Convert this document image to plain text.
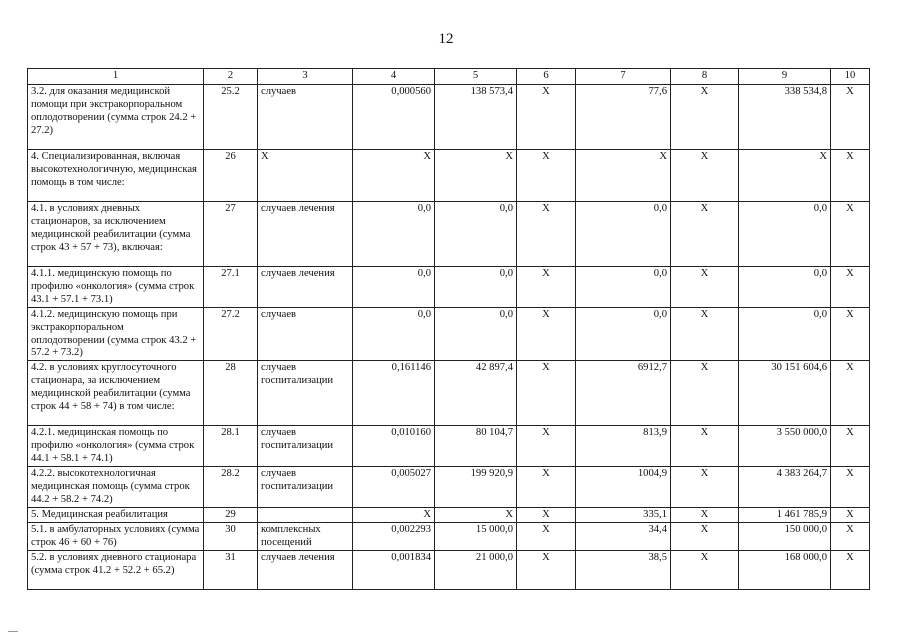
12
1	2	3	4	5	6	7	8	9	10
3.2. для оказания медицинской помощи при экстракорпоральном оплодотворении (сумма строк 24.2 + 27.2)	25.2	случаев	0,000560	138 573,4	Х	77,6	Х	338 534,8	Х
4. Специализированная, включая высокотехнологичную, медицинская помощь в том числе:	26	Х	Х	Х	Х	Х	Х	Х	Х
4.1. в условиях дневных стационаров, за исключением медицинской реабилитации (сумма строк 43 + 57 + 73), включая:	27	случаев лечения	0,0	0,0	Х	0,0	Х	0,0	Х
4.1.1. медицинскую помощь по профилю «онкология» (сумма строк 43.1 + 57.1 + 73.1)	27.1	случаев лечения	0,0	0,0	Х	0,0	Х	0,0	Х
4.1.2. медицинскую помощь при экстракорпоральном оплодотворении (сумма строк 43.2 + 57.2 + 73.2)	27.2	случаев	0,0	0,0	Х	0,0	Х	0,0	Х
4.2. в условиях круглосуточного стационара, за исключением медицинской реабилитации (сумма строк 44 + 58 + 74) в том числе:	28	случаев госпитализации	0,161146	42 897,4	Х	6912,7	Х	30 151 604,6	Х
4.2.1. медицинская помощь по профилю «онкология» (сумма строк 44.1 + 58.1 + 74.1)	28.1	случаев госпитализации	0,010160	80 104,7	Х	813,9	Х	3 550 000,0	Х
4.2.2. высокотехнологичная медицинская помощь (сумма строк 44.2 + 58.2 + 74.2)	28.2	случаев госпитализации	0,005027	199 920,9	Х	1004,9	Х	4 383 264,7	Х
5. Медицинская реабилитация	29		Х	Х	Х	335,1	Х	1 461 785,9	Х
5.1. в амбулаторных условиях (сумма строк 46 + 60 + 76)	30	комплексных посещений	0,002293	15 000,0	Х	34,4	Х	150 000,0	Х
5.2. в условиях дневного стационара (сумма строк 41.2 + 52.2 + 65.2)	31	случаев лечения	0,001834	21 000,0	Х	38,5	Х	168 000,0	Х
